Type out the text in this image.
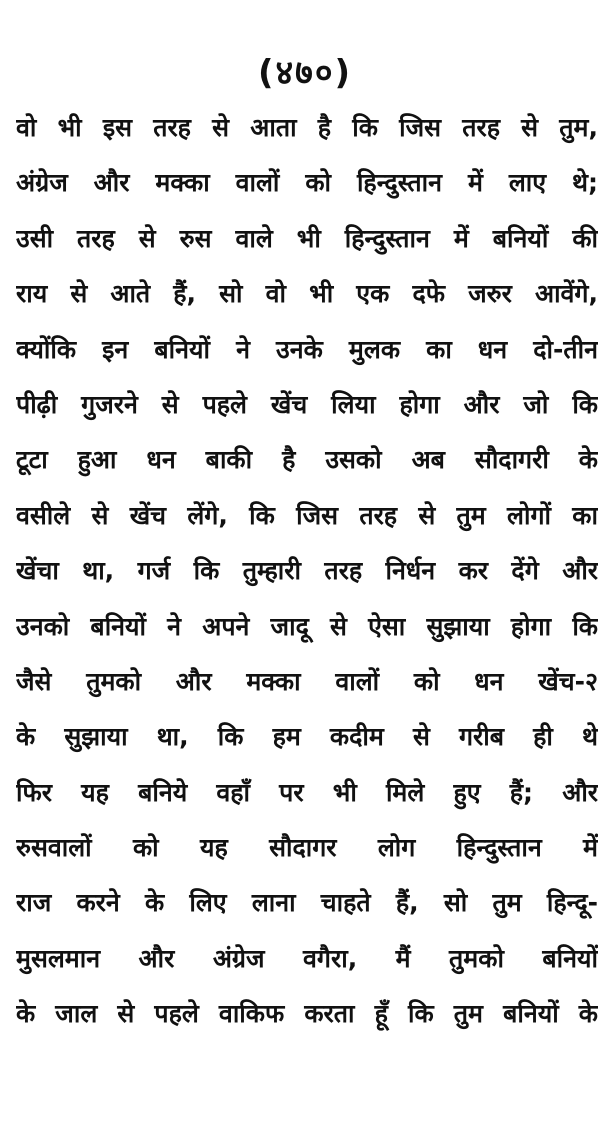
(४७०)
वो भी इस तरह से आता है कि जिस तरह से तुम,
अंग्रेज और मक्का वालों को हिन्दुस्तान में लाए थे;
उसी तरह से रुस वाले भी हिन्दुस्तान में बनियों की
राय से आते हैं, सो वो भी एक दफे जरुर आवेंगे,
क्योंकि इन बनियों ने उनके मुलक का धन दो-तीन
पीढ़ी गुजरने से पहले खेंच लिया होगा और जो कि
टूटा हुआ धन बाकी है उसको अब सौदागरी के
वसीले से खेंच लेंगे, कि जिस तरह से तुम लोगों का
खेंचा था, गर्ज कि तुम्हारी तरह निर्धन कर देंगे और
उनको बनियों ने अपने जादू से ऐसा सुझाया होगा कि
जैसे तुमको और मक्का वालों को धन खेंच-२
के सुझाया था, कि हम कदीम से गरीब ही थे
फिर यह बनिये वहाँ पर भी मिले हुए हैं; और
रुसवालों को यह सौदागर लोग हिन्दुस्तान में
राज करने के लिए लाना चाहते हैं, सो तुम हिन्दू-
मुसलमान और अंग्रेज वगैरा, मैं तुमको बनियों
के जाल से पहले वाकिफ करता हूँ कि तुम बनियों के
